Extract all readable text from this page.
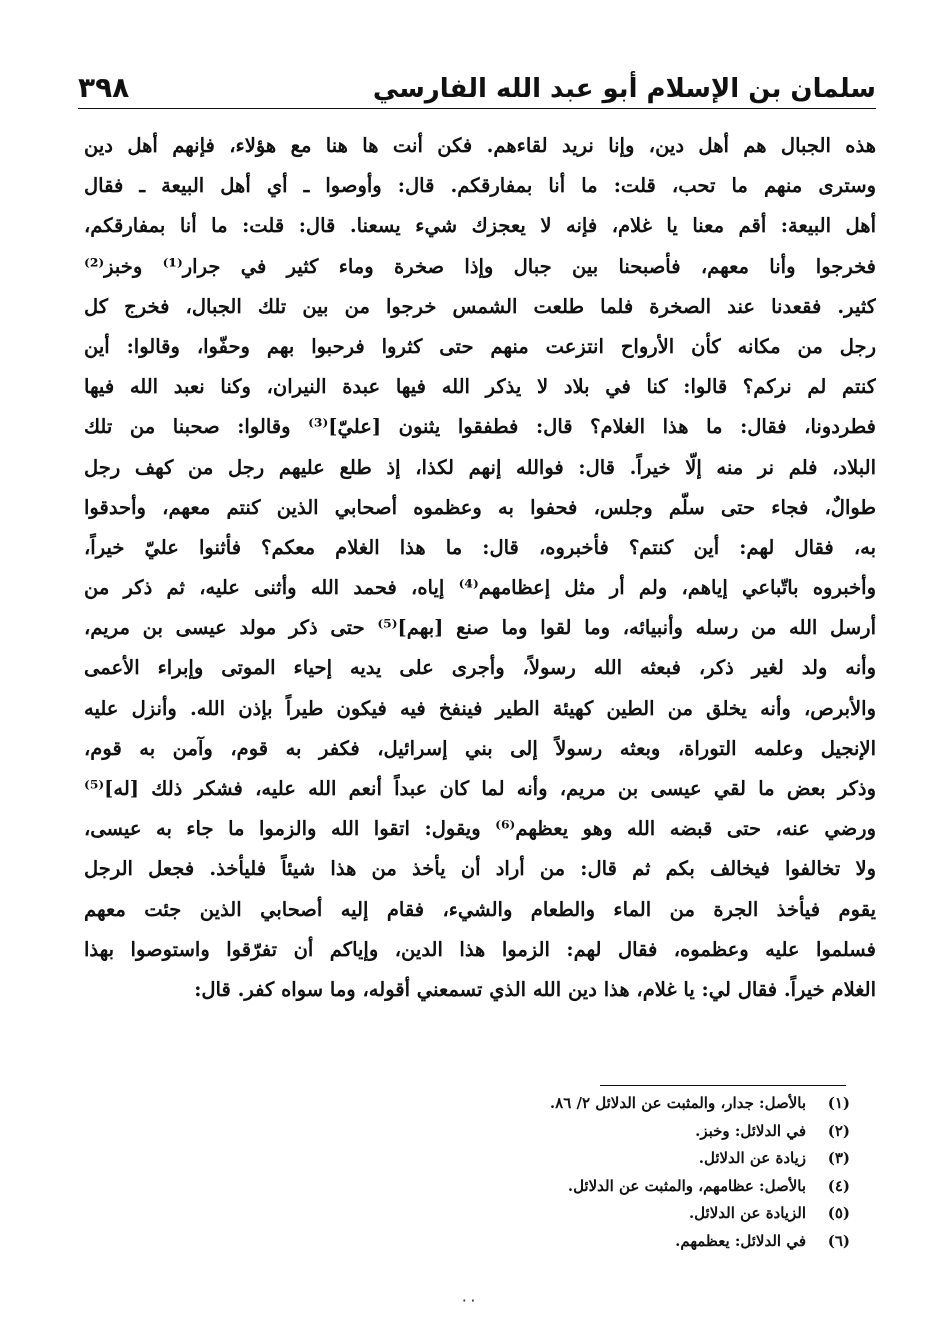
سلمان بن الإسلام أبو عبد الله الفارسي
٣٩٨
هذه الجبال هم أهل دين، وإنا نريد لقاءهم. فكن أنت ها هنا مع هؤلاء، فإنهم أهل دين
وسترى منهم ما تحب، قلت: ما أنا بمفارقكم. قال: وأوصوا ـ أي أهل البيعة ـ فقال
أهل البيعة: أقم معنا يا غلام، فإنه لا يعجزك شيء يسعنا. قال: قلت: ما أنا بمفارقكم،
فخرجوا وأنا معهم، فأصبحنا بين جبال وإذا صخرة وماء كثير في جرار⁽¹⁾ وخبز⁽²⁾
كثير. فقعدنا عند الصخرة فلما طلعت الشمس خرجوا من بين تلك الجبال، فخرج كل
رجل من مكانه كأن الأرواح انتزعت منهم حتى كثروا فرحبوا بهم وحفّوا، وقالوا: أين
كنتم لم نركم؟ قالوا: كنا في بلاد لا يذكر الله فيها عبدة النيران، وكنا نعبد الله فيها
فطردونا، فقال: ما هذا الغلام؟ قال: فطفقوا يثنون [عليّ]⁽³⁾ وقالوا: صحبنا من تلك
البلاد، فلم نر منه إلّا خيراً. قال: فوالله إنهم لكذا، إذ طلع عليهم رجل من كهف رجل
طوالٌ، فجاء حتى سلّم وجلس، فحفوا به وعظموه أصحابي الذين كنتم معهم، وأحدقوا
به، فقال لهم: أين كنتم؟ فأخبروه، قال: ما هذا الغلام معكم؟ فأثنوا عليّ خيراً،
وأخبروه باتّباعي إياهم، ولم أر مثل إعظامهم⁽⁴⁾ إياه، فحمد الله وأثنى عليه، ثم ذكر من
أرسل الله من رسله وأنبيائه، وما لقوا وما صنع [بهم]⁽⁵⁾ حتى ذكر مولد عيسى بن مريم،
وأنه ولد لغير ذكر، فبعثه الله رسولاً، وأجرى على يديه إحياء الموتى وإبراء الأعمى
والأبرص، وأنه يخلق من الطين كهيئة الطير فينفخ فيه فيكون طيراً بإذن الله. وأنزل عليه
الإنجيل وعلمه التوراة، وبعثه رسولاً إلى بني إسرائيل، فكفر به قوم، وآمن به قوم،
وذكر بعض ما لقي عيسى بن مريم، وأنه لما كان عبداً أنعم الله عليه، فشكر ذلك [له]⁽⁵⁾
ورضي عنه، حتى قبضه الله وهو يعظهم⁽⁶⁾ ويقول: اتقوا الله والزموا ما جاء به عيسى،
ولا تخالفوا فيخالف بكم ثم قال: من أراد أن يأخذ من هذا شيئاً فليأخذ. فجعل الرجل
يقوم فيأخذ الجرة من الماء والطعام والشيء، فقام إليه أصحابي الذين جئت معهم
فسلموا عليه وعظموه، فقال لهم: الزموا هذا الدين، وإياكم أن تفرّقوا واستوصوا بهذا
الغلام خيراً. فقال لي: يا غلام، هذا دين الله الذي تسمعني أقوله، وما سواه كفر. قال:
(١)
بالأصل: جدار، والمثبت عن الدلائل ٢/ ٨٦.
(٢)
في الدلائل: وخبز.
(٣)
زيادة عن الدلائل.
(٤)
بالأصل: عظامهم، والمثبت عن الدلائل.
(٥)
الزيادة عن الدلائل.
(٦)
في الدلائل: يعظمهم.
٠٠
